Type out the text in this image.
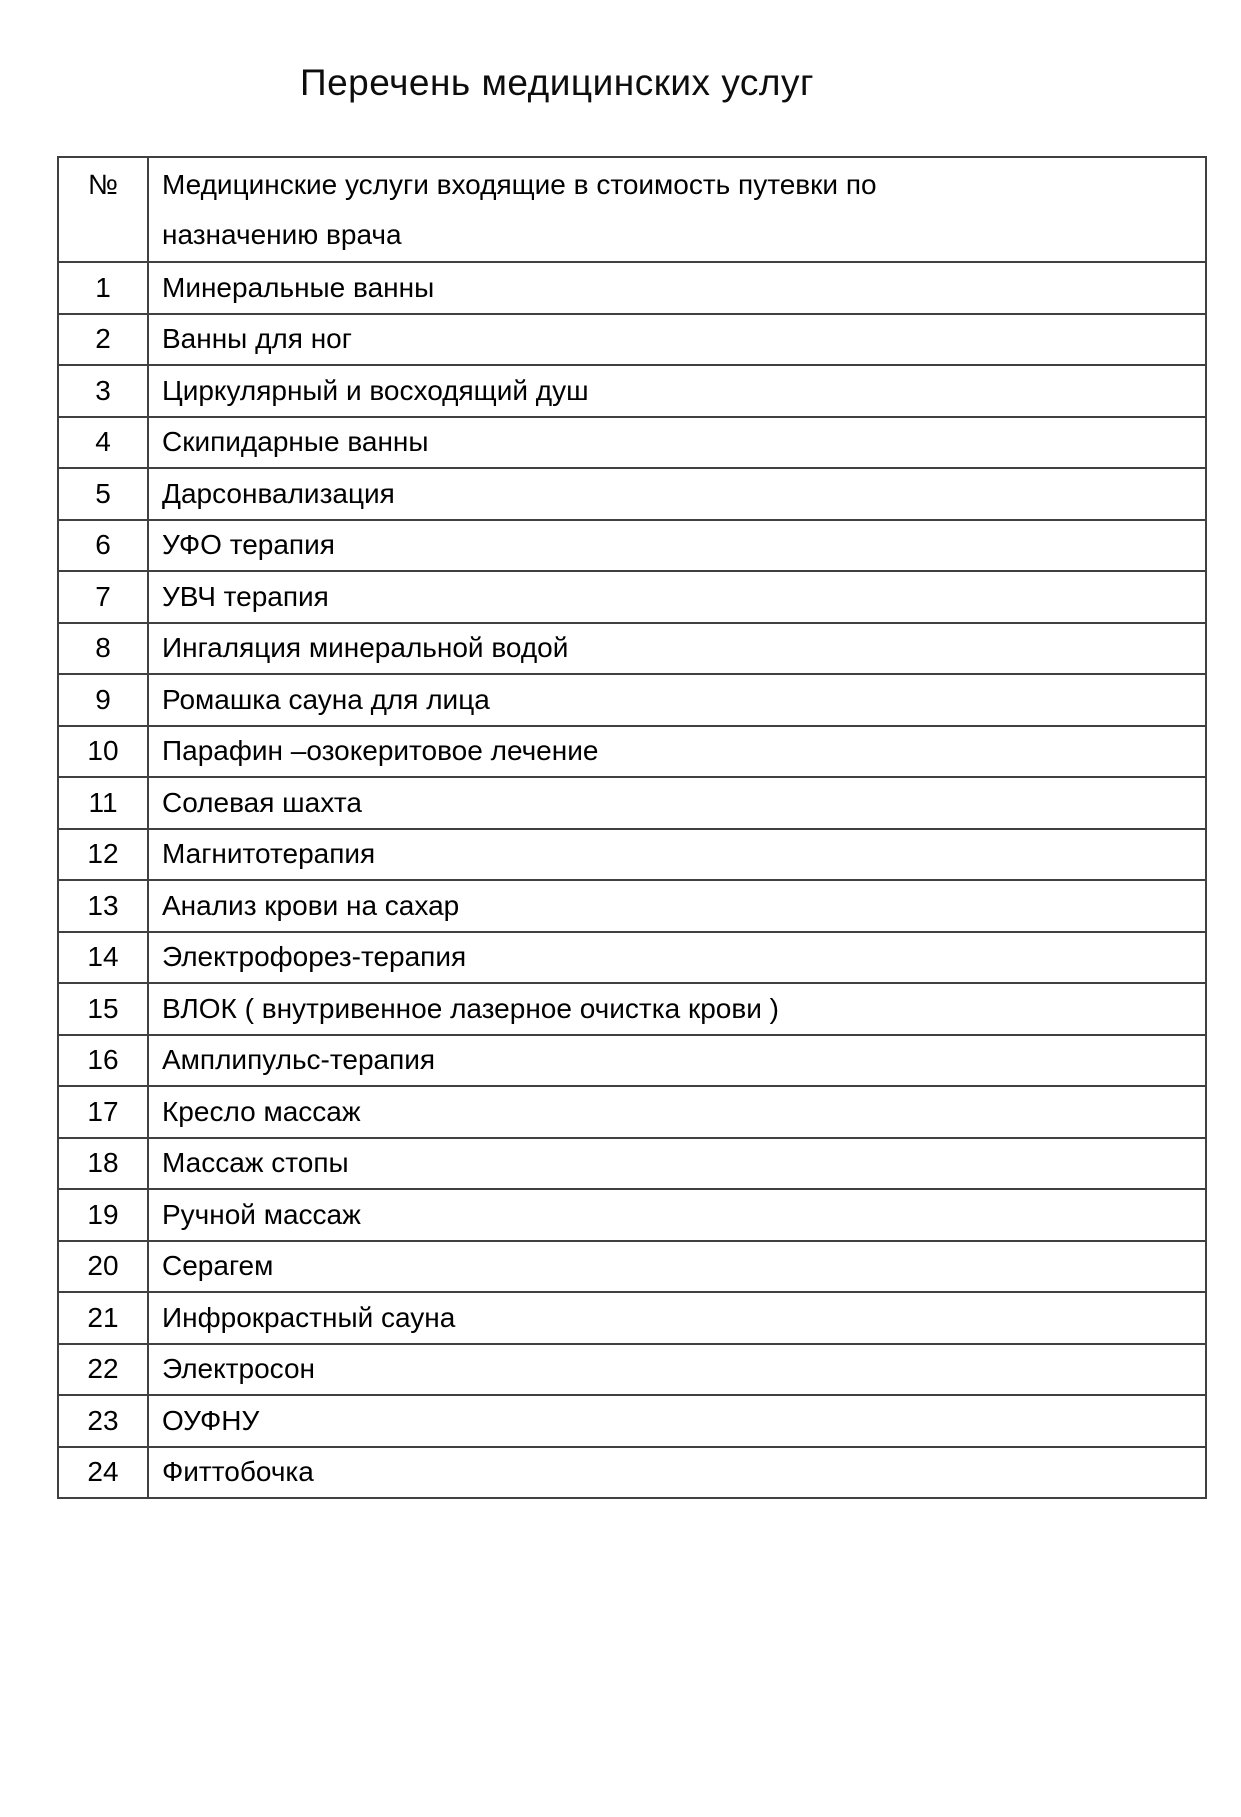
Перечень медицинских услуг
№	Медицинские услуги входящие в стоимость путевки по назначению врача
1	Минеральные ванны
2	Ванны для ног
3	Циркулярный и восходящий душ
4	Скипидарные ванны
5	Дарсонвализация
6	УФО терапия
7	УВЧ терапия
8	Ингаляция минеральной водой
9	Ромашка сауна для лица
10	Парафин –озокеритовое лечение
11	Солевая шахта
12	Магнитотерапия
13	Анализ крови на сахар
14	Электрофорез-терапия
15	ВЛОК ( внутривенное лазерное очистка крови )
16	Амплипульс-терапия
17	Кресло массаж
18	Массаж стопы
19	Ручной массаж
20	Серагем
21	Инфрокрастный сауна
22	Электросон
23	ОУФНУ
24	Фиттобочка
